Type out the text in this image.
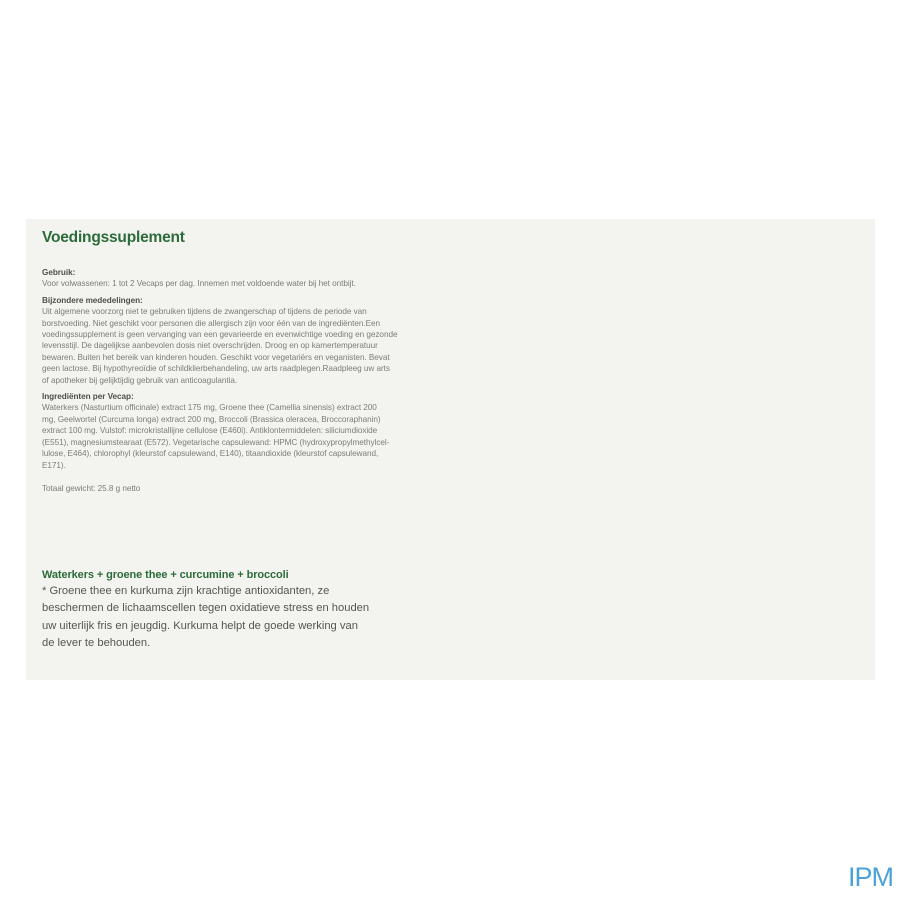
Voedingssuplement

Gebruik:

Voor volwassenen: 1 tot 2 Vecaps per dag. Innemen met voldoende water bij het ontbijt.

Bijzondere mededelingen:

Uit algemene voorzorg niet te gebruiken tijdens de zwangerschap of tijdens de periode van
borstvoeding. Niet geschikt voor personen die allergisch zijn voor één van de ingrediënten.Een
voedingssupplement is geen vervanging van een gevarieerde en evenwichtige voeding en gezonde
levensstijl. De dagelijkse aanbevolen dosis niet overschrijden. Droog en op kamertemperatuur
bewaren. Buiten het bereik van kinderen houden. Geschikt voor vegetariërs en veganisten. Bevat
geen lactose. Bij hypothyreoïdie of schildklierbehandeling, uw arts raadplegen.Raadpleeg uw arts
of apotheker bij gelijktijdig gebruik van anticoagulantia.

Ingrediënten per Vecap:

Waterkers (Nasturtium officinale) extract 175 mg, Groene thee (Camellia sinensis) extract 200
mg, Geelwortel (Curcuma longa) extract 200 mg, Broccoli (Brassica oleracea, Broccoraphanin)
extract 100 mg. Vulstof: microkristallijne cellulose (E460i). Antiklontermiddelen: siliciumdioxide
(E551), magnesiumstearaat (E572). Vegetarische capsulewand: HPMC (hydroxypropylmethylcel-
lulose, E464), chlorophyl (kleurstof capsulewand, E140), titaandioxide (kleurstof capsulewand,
E171).

Totaal gewicht: 25.8 g netto

Waterkers + groene thee + curcumine + broccoli
* Groene thee en kurkuma zijn krachtige antioxidanten, ze
beschermen de lichaamscellen tegen oxidatieve stress en houden
uw uiterlijk fris en jeugdig. Kurkuma helpt de goede werking van
de lever te behouden.

IPM
